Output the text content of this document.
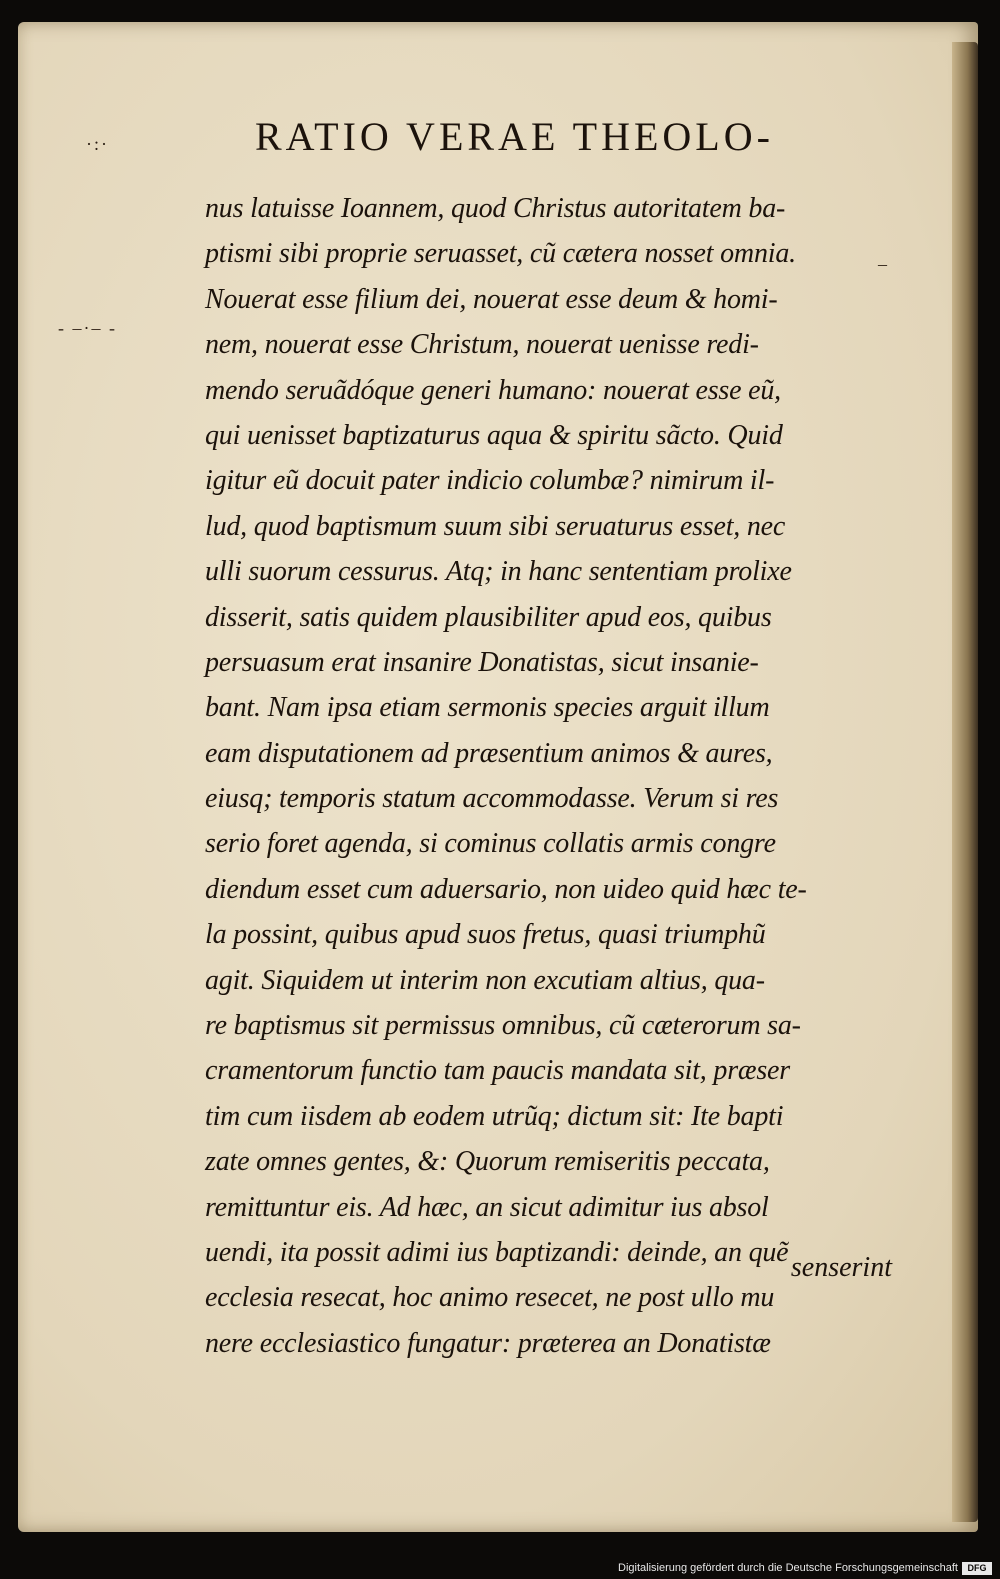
·:·
- –·– -
–
RATIO VERAE THEOLO-
nus latuisse Ioannem, quod Christus autoritatem ba-
ptismi sibi proprie seruasset, cũ cætera nosset omnia.
Nouerat esse filium dei, nouerat esse deum & homi-
nem, nouerat esse Christum, nouerat uenisse redi-
mendo seruãdóque generi humano: nouerat esse eũ,
qui uenisset baptizaturus aqua & spiritu sãcto. Quid
igitur eũ docuit pater indicio columbæ? nimirum il-
lud, quod baptismum suum sibi seruaturus esset, nec
ulli suorum cessurus. Atq; in hanc sententiam prolixe
disserit, satis quidem plausibiliter apud eos, quibus
persuasum erat insanire Donatistas, sicut insanie-
bant. Nam ipsa etiam sermonis species arguit illum
eam disputationem ad præsentium animos & aures,
eiusq; temporis statum accommodasse. Verum si res
serio foret agenda, si cominus collatis armis congre
diendum esset cum aduersario, non uideo quid hæc te-
la possint, quibus apud suos fretus, quasi triumphũ
agit. Siquidem ut interim non excutiam altius, qua-
re baptismus sit permissus omnibus, cũ cæterorum sa-
cramentorum functio tam paucis mandata sit, præser
tim cum iisdem ab eodem utrũq; dictum sit: Ite bapti
zate omnes gentes, &: Quorum remiseritis peccata,
remittuntur eis. Ad hæc, an sicut adimitur ius absol
uendi, ita possit adimi ius baptizandi: deinde, an quẽ
ecclesia resecat, hoc animo resecet, ne post ullo mu
nere ecclesiastico fungatur: præterea an Donatistæ
senserint
Digitalisierung gefördert durch die Deutsche Forschungsgemeinschaft	DFG
